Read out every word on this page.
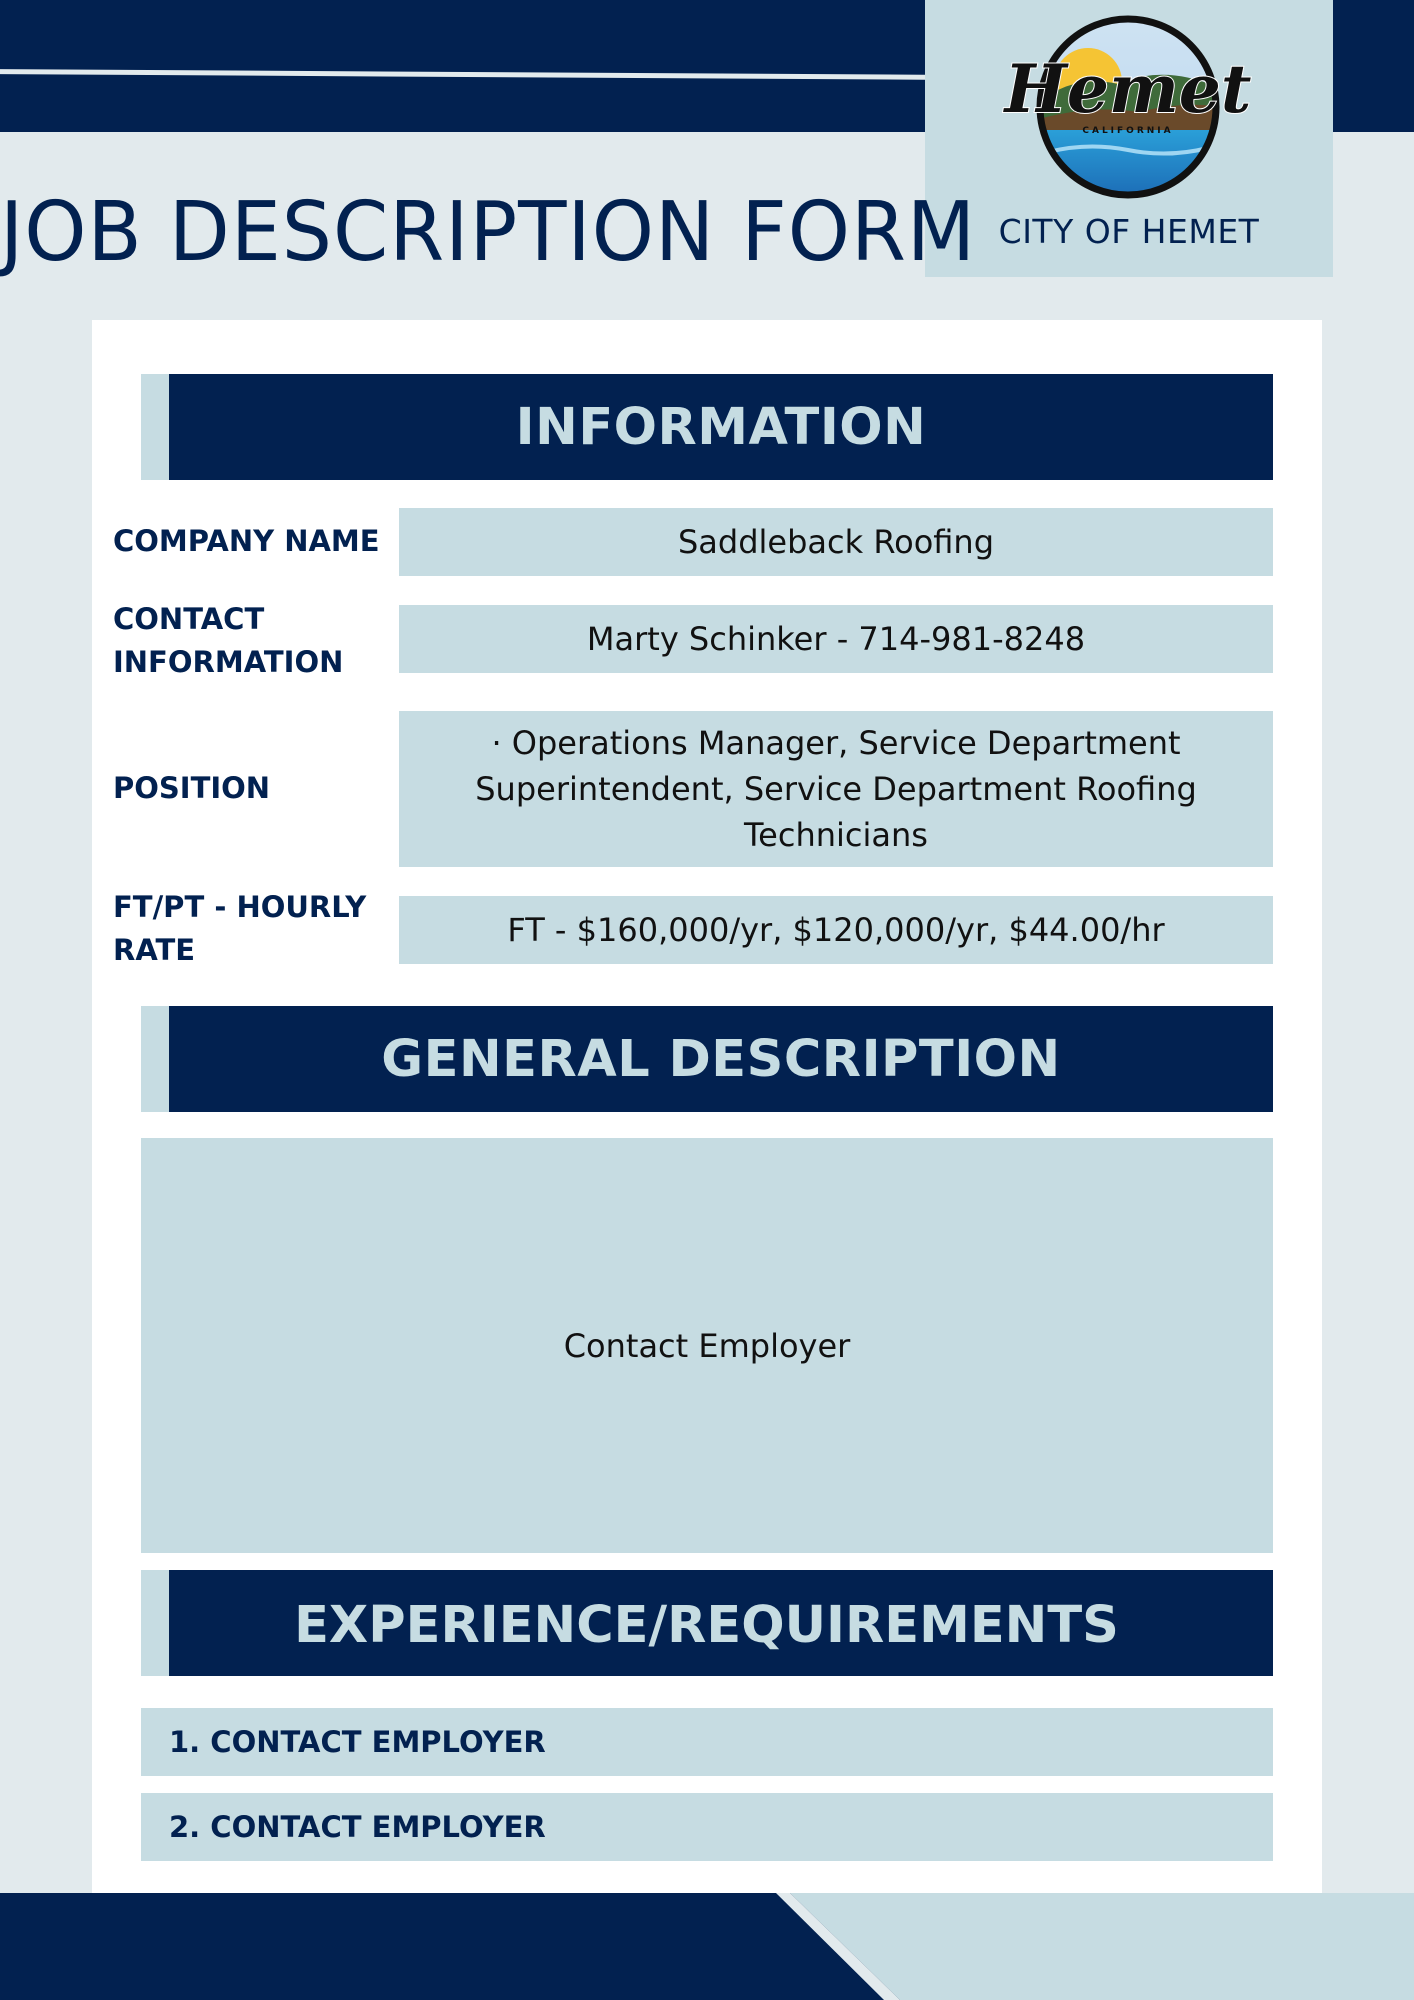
Hemet
CALIFORNIA
CITY OF HEMET
JOB DESCRIPTION FORM
INFORMATION
COMPANY NAME	Saddleback Roofing
CONTACT INFORMATION
Marty Schinker - 714-981-8248
POSITION
· Operations Manager, Service Department Superintendent, Service Department Roofing Technicians
FT/PT - HOURLY RATE
FT - $160,000/yr, $120,000/yr, $44.00/hr
GENERAL DESCRIPTION
Contact Employer
EXPERIENCE/REQUIREMENTS
1. CONTACT EMPLOYER
2. CONTACT EMPLOYER
